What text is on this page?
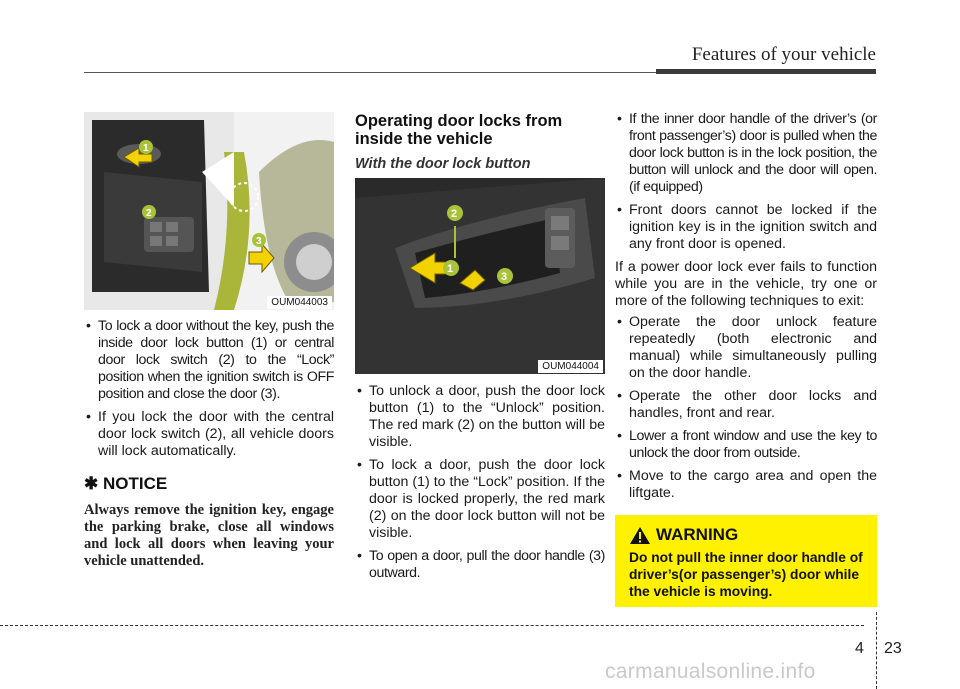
Features of your vehicle
1
2
3
OUM044003
• To lock a door without the key, push the inside door lock button (1) or central door lock switch (2) to the “Lock” position when the ignition switch is OFF position and close the door (3).
• If you lock the door with the central door lock switch (2), all vehicle doors will lock automatically.
✱ NOTICE
Always remove the ignition key, engage the parking brake, close all windows and lock all doors when leaving your vehicle unattended.
Operating door locks from inside the vehicle
With the door lock button
2
1
3
OUM044004
• To unlock a door, push the door lock button (1) to the “Unlock” position. The red mark (2) on the button will be visible.
• To lock a door, push the door lock button (1) to the “Lock” position. If the door is locked properly, the red mark (2) on the door lock button will not be visible.
• To open a door, pull the door handle (3) outward.
• If the inner door handle of the driver’s (or front passenger’s) door is pulled when the door lock button is in the lock position, the button will unlock and the door will open. (if equipped)
• Front doors cannot be locked if the ignition key is in the ignition switch and any front door is opened.
If a power door lock ever fails to function while you are in the vehicle, try one or more of the following techniques to exit:
• Operate the door unlock feature repeatedly (both electronic and manual) while simultaneously pulling on the door handle.
• Operate the other door locks and handles, front and rear.
• Lower a front window and use the key to unlock the door from outside.
• Move to the cargo area and open the liftgate.
WARNING
Do not pull the inner door handle of driver’s(or passenger’s) door while the vehicle is moving.
4 23
carmanualsonline.info
